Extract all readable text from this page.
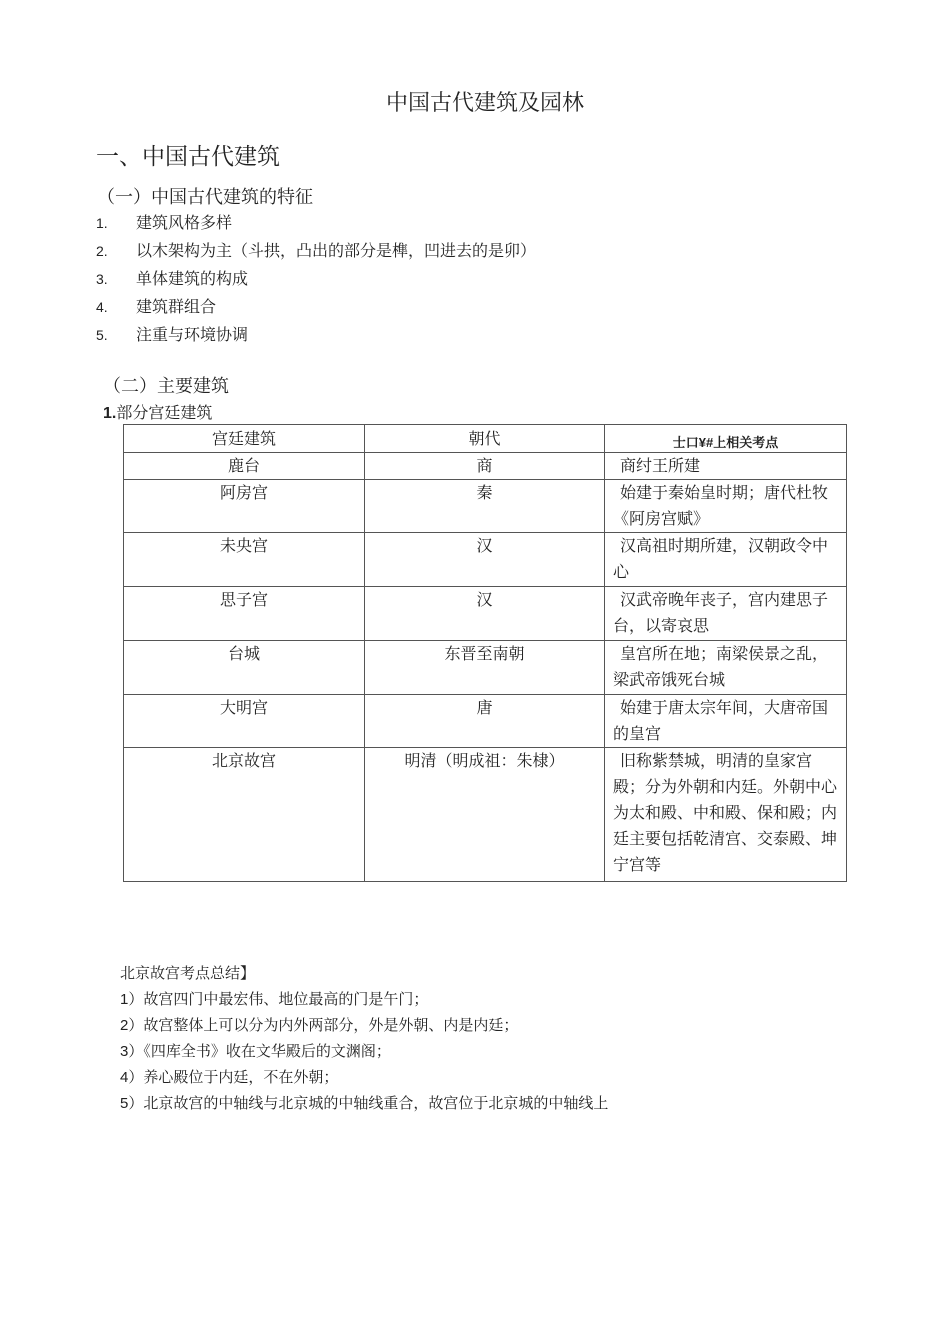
中国古代建筑及园林
一、中国古代建筑
（一）中国古代建筑的特征
1. 建筑风格多样
2. 以木架构为主（斗拱，凸出的部分是榫，凹进去的是卯）
3. 单体建筑的构成
4. 建筑群组合
5. 注重与环境协调
（二）主要建筑
1.部分宫廷建筑
宫廷建筑	朝代	士口¥#上相关考点
鹿台	商	商纣王所建
阿房宫	秦	始建于秦始皇时期；唐代杜牧《阿房宫赋》
未央宫	汉	汉高祖时期所建，汉朝政令中心
思子宫	汉	汉武帝晚年丧子，宫内建思子台，以寄哀思
台城	东晋至南朝	皇宫所在地；南梁侯景之乱，梁武帝饿死台城
大明宫	唐	始建于唐太宗年间，大唐帝国的皇宫
北京故宫	明清（明成祖：朱棣）	旧称紫禁城，明清的皇家宫殿；分为外朝和内廷。外朝中心为太和殿、中和殿、保和殿；内廷主要包括乾清宫、交泰殿、坤宁宫等
北京故宫考点总结】
1）故宫四门中最宏伟、地位最高的门是午门；
2）故宫整体上可以分为内外两部分，外是外朝、内是内廷；
3）《四库全书》收在文华殿后的文渊阁；
4）养心殿位于内廷，不在外朝；
5）北京故宫的中轴线与北京城的中轴线重合，故宫位于北京城的中轴线上
